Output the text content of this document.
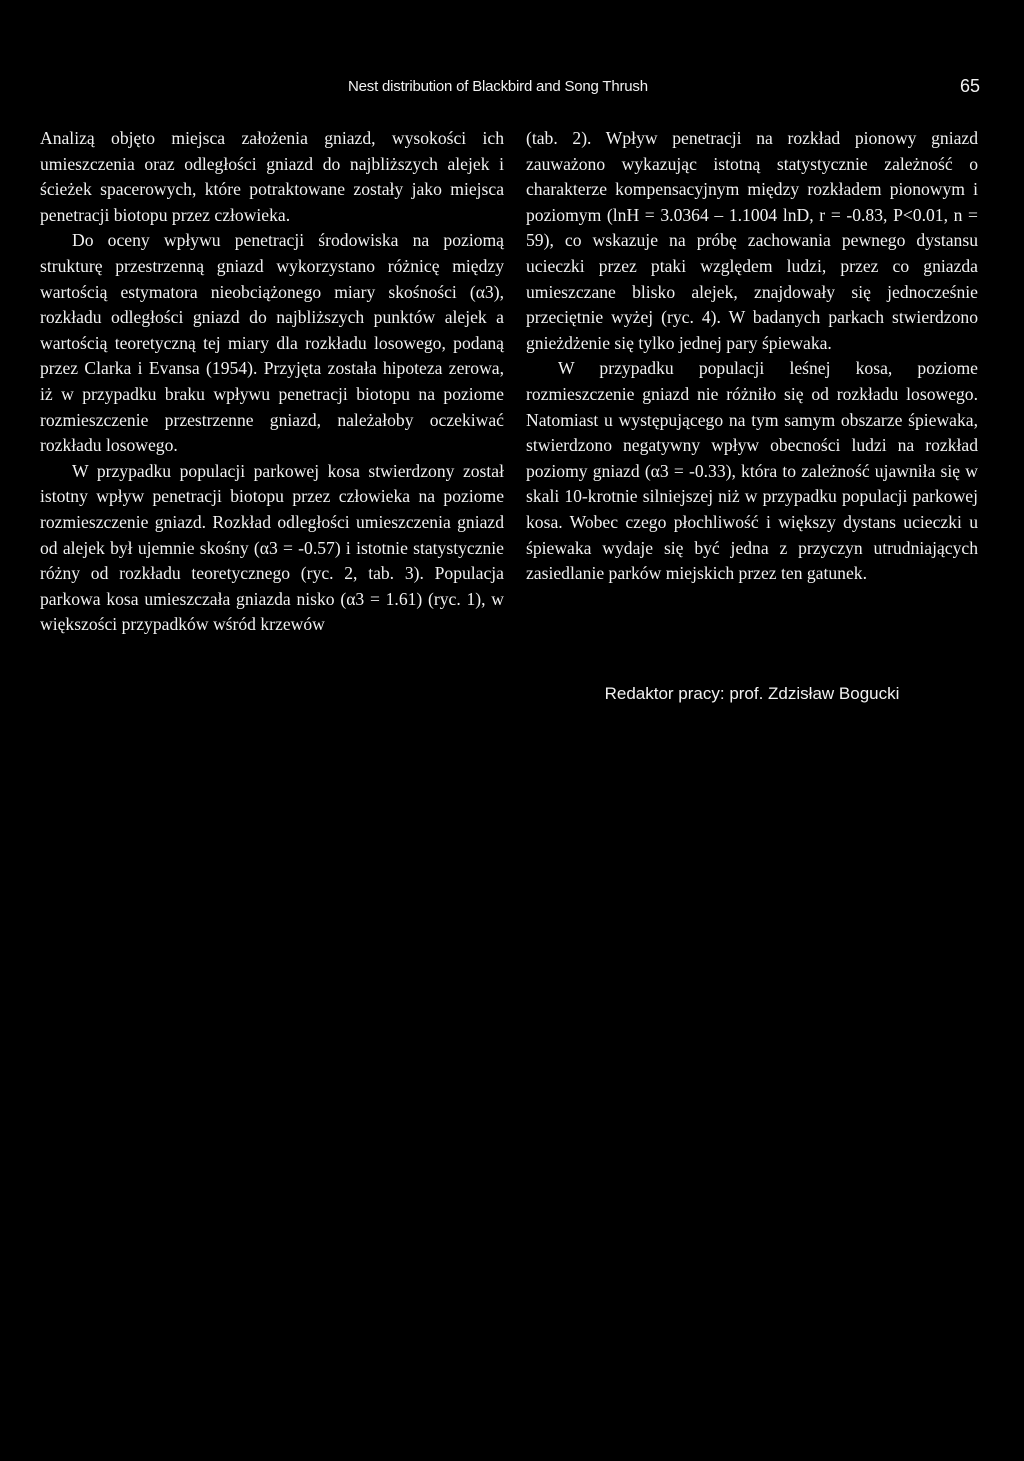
Nest distribution of Blackbird and Song Thrush	65

Analizą objęto miejsca założenia gniazd, wysokości ich umieszczenia oraz odległości gniazd do najbliższych alejek i ścieżek spacerowych, które potraktowane zostały jako miejsca penetracji biotopu przez człowieka.

Do oceny wpływu penetracji środowiska na poziomą strukturę przestrzenną gniazd wykorzystano różnicę między wartością estymatora nieobciążonego miary skośności (α3), rozkładu odległości gniazd do najbliższych punktów alejek a wartością teoretyczną tej miary dla rozkładu losowego, podaną przez Clarka i Evansa (1954). Przyjęta została hipoteza zerowa, iż w przypadku braku wpływu penetracji biotopu na poziome rozmieszczenie przestrzenne gniazd, należałoby oczekiwać rozkładu losowego.

W przypadku populacji parkowej kosa stwierdzony został istotny wpływ penetracji biotopu przez człowieka na poziome rozmieszczenie gniazd. Rozkład odległości umieszczenia gniazd od alejek był ujemnie skośny (α3 = -0.57) i istotnie statystycznie różny od rozkładu teoretycznego (ryc. 2, tab. 3). Populacja parkowa kosa umieszczała gniazda nisko (α3 = 1.61) (ryc. 1), w większości przypadków wśród krzewów

(tab. 2). Wpływ penetracji na rozkład pionowy gniazd zauważono wykazując istotną statystycznie zależność o charakterze kompensacyjnym między rozkładem pionowym i poziomym (lnH = 3.0364 – 1.1004 lnD, r = -0.83, P<0.01, n = 59), co wskazuje na próbę zachowania pewnego dystansu ucieczki przez ptaki względem ludzi, przez co gniazda umieszczane blisko alejek, znajdowały się jednocześnie przeciętnie wyżej (ryc. 4). W badanych parkach stwierdzono gnieżdżenie się tylko jednej pary śpiewaka.

W przypadku populacji leśnej kosa, poziome rozmieszczenie gniazd nie różniło się od rozkładu losowego. Natomiast u występującego na tym samym obszarze śpiewaka, stwierdzono negatywny wpływ obecności ludzi na rozkład poziomy gniazd (α3 = -0.33), która to zależność ujawniła się w skali 10-krotnie silniejszej niż w przypadku populacji parkowej kosa. Wobec czego płochliwość i większy dystans ucieczki u śpiewaka wydaje się być jedna z przyczyn utrudniających zasiedlanie parków miejskich przez ten gatunek.

Redaktor pracy: prof. Zdzisław Bogucki
